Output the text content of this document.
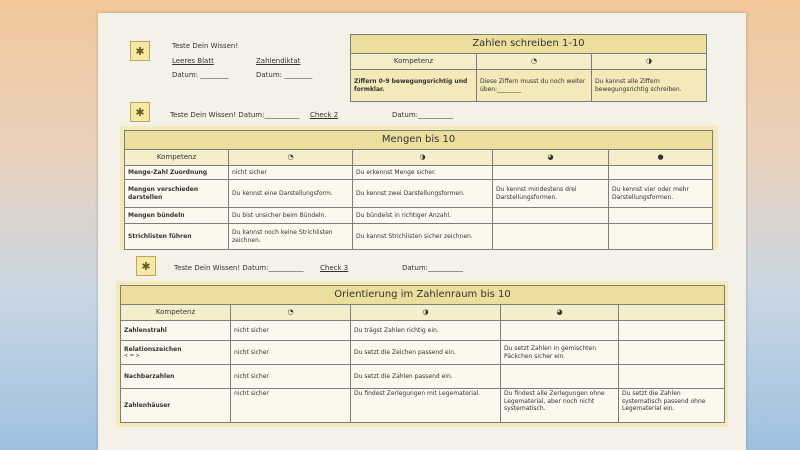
✱	Teste Dein Wissen!
Leeres Blatt	Zahlendiktat
Datum: ________	Datum: ________
Zahlen schreiben 1-10		
Kompetenz	◔	◑
Ziffern 0-9 bewegungsrichtig und formklar.	Diese Ziffern musst du noch weiter üben:________	Du kannst alle Ziffern bewegungsrichtig schreiben.
✱	Teste Dein Wissen! Datum:__________ Check 2	Datum:__________
Mengen bis 10				
Kompetenz	◔	◑	◕	●
Menge-Zahl Zuordnung	nicht sicher	Du erkennst Menge sicher.		
Mengen verschieden darstellen	Du kennst eine Darstellungsform.	Du kennst zwei Darstellungsformen.	Du kennst mindestens drei Darstellungsformen.	Du kennst vier oder mehr Darstellungsformen.
Mengen bündeln	Du bist unsicher beim Bündeln.	Du bündelst in richtiger Anzahl.		
Strichlisten führen	Du kannst noch keine Strichlisten zeichnen.	Du kannst Strichlisten sicher zeichnen.		
✱	Teste Dein Wissen! Datum:__________ Check 3	Datum:__________
Orientierung im Zahlenraum bis 10				
Kompetenz	◔	◑	◕	
Zahlenstrahl	nicht sicher	Du trägst Zahlen richtig ein.		

Relationszeichen
< = >	nicht sicher	Du setzt die Zeichen passend ein.	Du setzt Zahlen in gemischten Päckchen sicher ein.	
Nachbarzahlen	nicht sicher	Du setzt die Zahlen passend ein.		
Zahlenhäuser	nicht sicher	Du findest Zerlegungen mit Legematerial.	Du findest alle Zerlegungen ohne Legematerial, aber noch nicht systematisch.	Du setzt die Zahlen systematisch passend ohne Legematerial ein.
